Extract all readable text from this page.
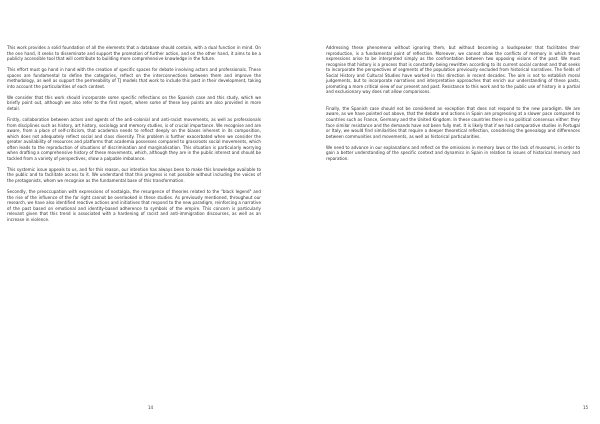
This work provides a solid foundation of all the elements that a database should contain, with a dual function in mind. On the one hand, it seeks to disseminate and support the promotion of further action, and on the other hand, it aims to be a publicly accessible tool that will contribute to building more comprehensive knowledge in the future.

This effort must go hand in hand with the creation of specific spaces for debate involving actors and professionals. These spaces are fundamental to define the categories, reflect on the interconnections between them and improve the methodology, as well as support the permeability of TJ models that work to include this past in their development, taking into account the particularities of each context.

We consider that this work should incorporate some specific reflections on the Spanish case and this study, which we briefly point out, although we also refer to the first report, where some of these key points are also provided in more detail.

Firstly, collaboration between actors and agents of the anti-colonial and anti-racist movements, as well as professionals from disciplines such as history, art history, sociology and memory studies, is of crucial importance. We recognise and are aware, from a place of self-criticism, that academia needs to reflect deeply on the biases inherent in its composition, which does not adequately reflect social and class diversity. This problem is further exacerbated when we consider the greater availability of resources and platforms that academia possesses compared to grassroots social movements, which often leads to the reproduction of situations of discrimination and marginalisation. This situation is particularly worrying when drafting a comprehensive history of these movements, which, although they are in the public interest and should be tackled from a variety of perspectives, show a palpable imbalance.

This systemic issue appeals to us, and for this reason, our intention has always been to make this knowledge available to the public and to facilitate access to it. We understand that this progress is not possible without including the voices of the protagonists, whom we recognise as the fundamental base of this transformation.

Secondly, the preoccupation with expressions of nostalgia, the resurgence of theories related to the "black legend" and the rise of the influence of the far right cannot be overlooked in these studies. As previously mentioned, throughout our research, we have also identified reactive actions and initiatives that respond to the new paradigm, reinforcing a narrative of the past based on emotional and identity-based adherence to symbols of the empire. This concern is particularly relevant given that this trend is associated with a hardening of racist and anti-immigration discourses, as well as an increase in violence.

14

Addressing these phenomena without ignoring them, but without becoming a loudspeaker that facilitates their reproduction, is a fundamental point of reflection. Moreover, we cannot allow the conflicts of memory in which these expressions arise to be interpreted simply as the confrontation between two opposing visions of the past. We must recognise that history is a process that is constantly being rewritten according to its current social context and that seeks to incorporate the perspectives of segments of the population previously excluded from historical narratives. The fields of Social History and Cultural Studies have worked in this direction in recent decades. The aim is not to establish moral judgements, but to incorporate narratives and interpretative approaches that enrich our understanding of these pasts, promoting a more critical view of our present and past. Resistance to this work and to the public use of history in a partial and exclusionary way does not allow comparisons.

Finally, the Spanish case should not be considered an exception that does not respond to the new paradigm. We are aware, as we have pointed out above, that the debate and actions in Spain are progressing at a slower pace compared to countries such as France, Germany and the United Kingdom. In these countries there is no political consensus either: they face similar resistance and the demands have not been fully met. It is likely that if we had comparative studies in Portugal or Italy, we would find similarities that require a deeper theoretical reflection, considering the genealogy and differences between communities and movements, as well as historical particularities.

We need to advance in our explanations and reflect on the omissions in memory laws or the lack of museums, in order to gain a better understanding of the specific context and dynamics in Spain in relation to issues of historical memory and reparation.

15
